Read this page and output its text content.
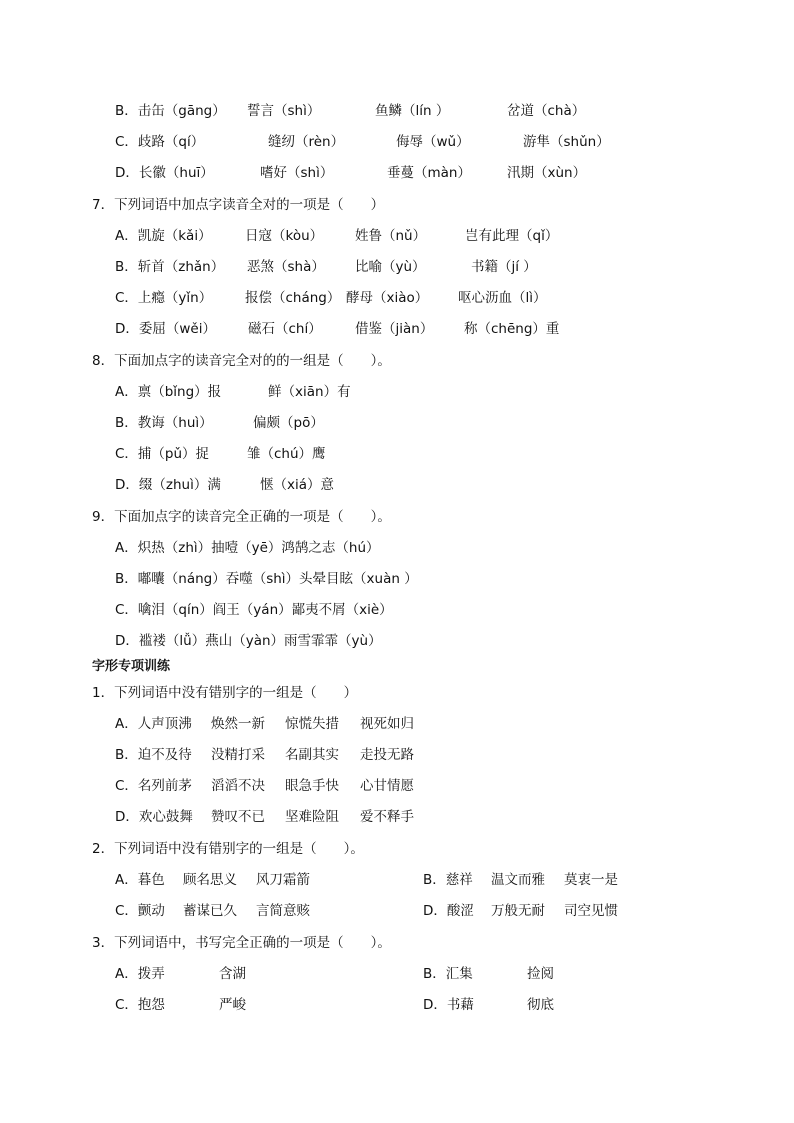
B．击缶（gāng） 誓言（shì）	鱼鳞（lín ）	岔道（chà）
C．歧路（qí）	缝纫（rèn）	侮辱（wǔ）	游隼（shǔn）
D．长徽（huī）	嗜好（shì）	垂蔓（màn）	汛期（xùn）
7．下列词语中加点字读音全对的一项是（　　）
A．凯旋（kǎi） 日寇（kòu） 姓鲁（nǔ）	岂有此理（qǐ）
B．斩首（zhǎn） 恶煞（shà） 比喻（yù）	书籍（jí ）
C．上瘾（yǐn） 报偿（cháng） 酵母（xiào） 呕心沥血（lì）
D．委屈（wěi） 磁石（chí） 借鉴（jiàn） 称（chēng）重
8．下面加点字的读音完全对的的一组是（　　）。
A．禀（bǐng）报	鲜（xiān）有
B．教诲（huì）	偏颇（pō）
C．捕（pǔ）捉	雏（chú）鹰
D．缀（zhuì）满	惬（xiá）意
9．下面加点字的读音完全正确的一项是（　　）。
A．炽热（zhì）抽噎（yē）鸿鹄之志（hú）
B．嘟囔（náng）吞噬（shì）头晕目眩（xuàn ）
C．噙泪（qín）阎王（yán）鄙夷不屑（xiè）
D．褴褛（lǚ）燕山（yàn）雨雪霏霏（yù）
字形专项训练
1．下列词语中没有错别字的一组是（　　）
A．人声顶沸 焕然一新 惊慌失措 视死如归
B．迫不及待 没精打采 名副其实 走投无路
C．名列前茅 滔滔不决 眼急手快 心甘情愿
D．欢心鼓舞 赞叹不已 坚难险阻 爱不释手
2．下列词语中没有错别字的一组是（　　）。
A．暮色 顾名思义 风刀霜箭	B．慈祥 温文而雅 莫衷一是
C．颤动 蓄谋已久 言简意赅	D．酸涩 万般无耐 司空见惯
3．下列词语中，书写完全正确的一项是（　　）。
A．拨弄	含湖	B．汇集	捡阅
C．抱怨	严峻	D．书藉	彻底
